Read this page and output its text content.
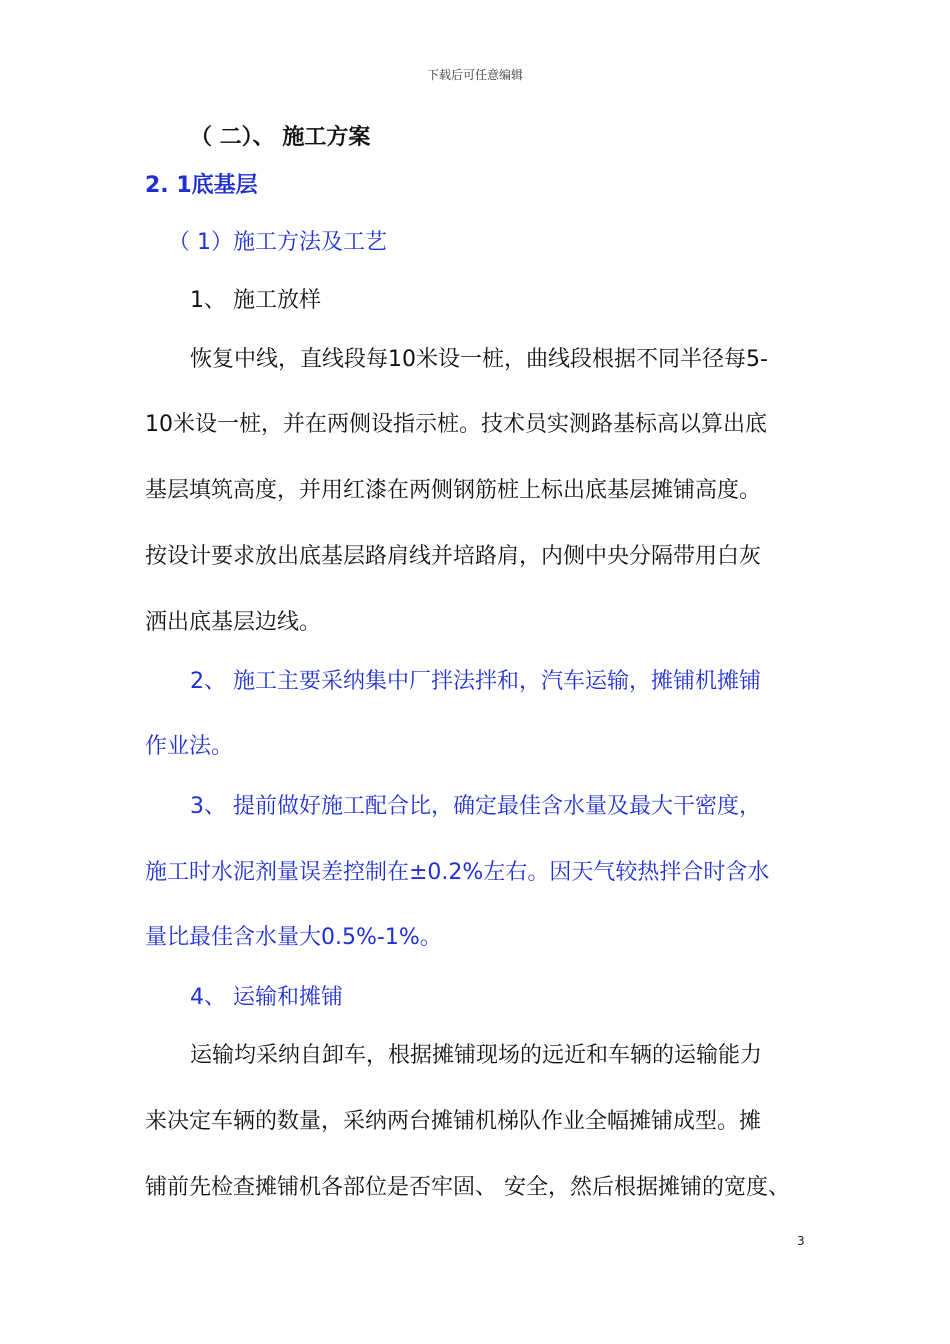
下载后可任意编辑
（ 二）、 施工方案
2. 1底基层
（ 1）施工方法及工艺
1、 施工放样
恢复中线，直线段每10米设一桩，曲线段根据不同半径每5-
10米设一桩，并在两侧设指示桩。技术员实测路基标高以算出底
基层填筑高度，并用红漆在两侧钢筋桩上标出底基层摊铺高度。
按设计要求放出底基层路肩线并培路肩，内侧中央分隔带用白灰
洒出底基层边线。
2、 施工主要采纳集中厂拌法拌和，汽车运输，摊铺机摊铺
作业法。
3、 提前做好施工配合比，确定最佳含水量及最大干密度，
施工时水泥剂量误差控制在±0.2%左右。因天气较热拌合时含水
量比最佳含水量大0.5%-1%。
4、 运输和摊铺
运输均采纳自卸车，根据摊铺现场的远近和车辆的运输能力
来决定车辆的数量，采纳两台摊铺机梯队作业全幅摊铺成型。摊
铺前先检查摊铺机各部位是否牢固、 安全，然后根据摊铺的宽度、
3
